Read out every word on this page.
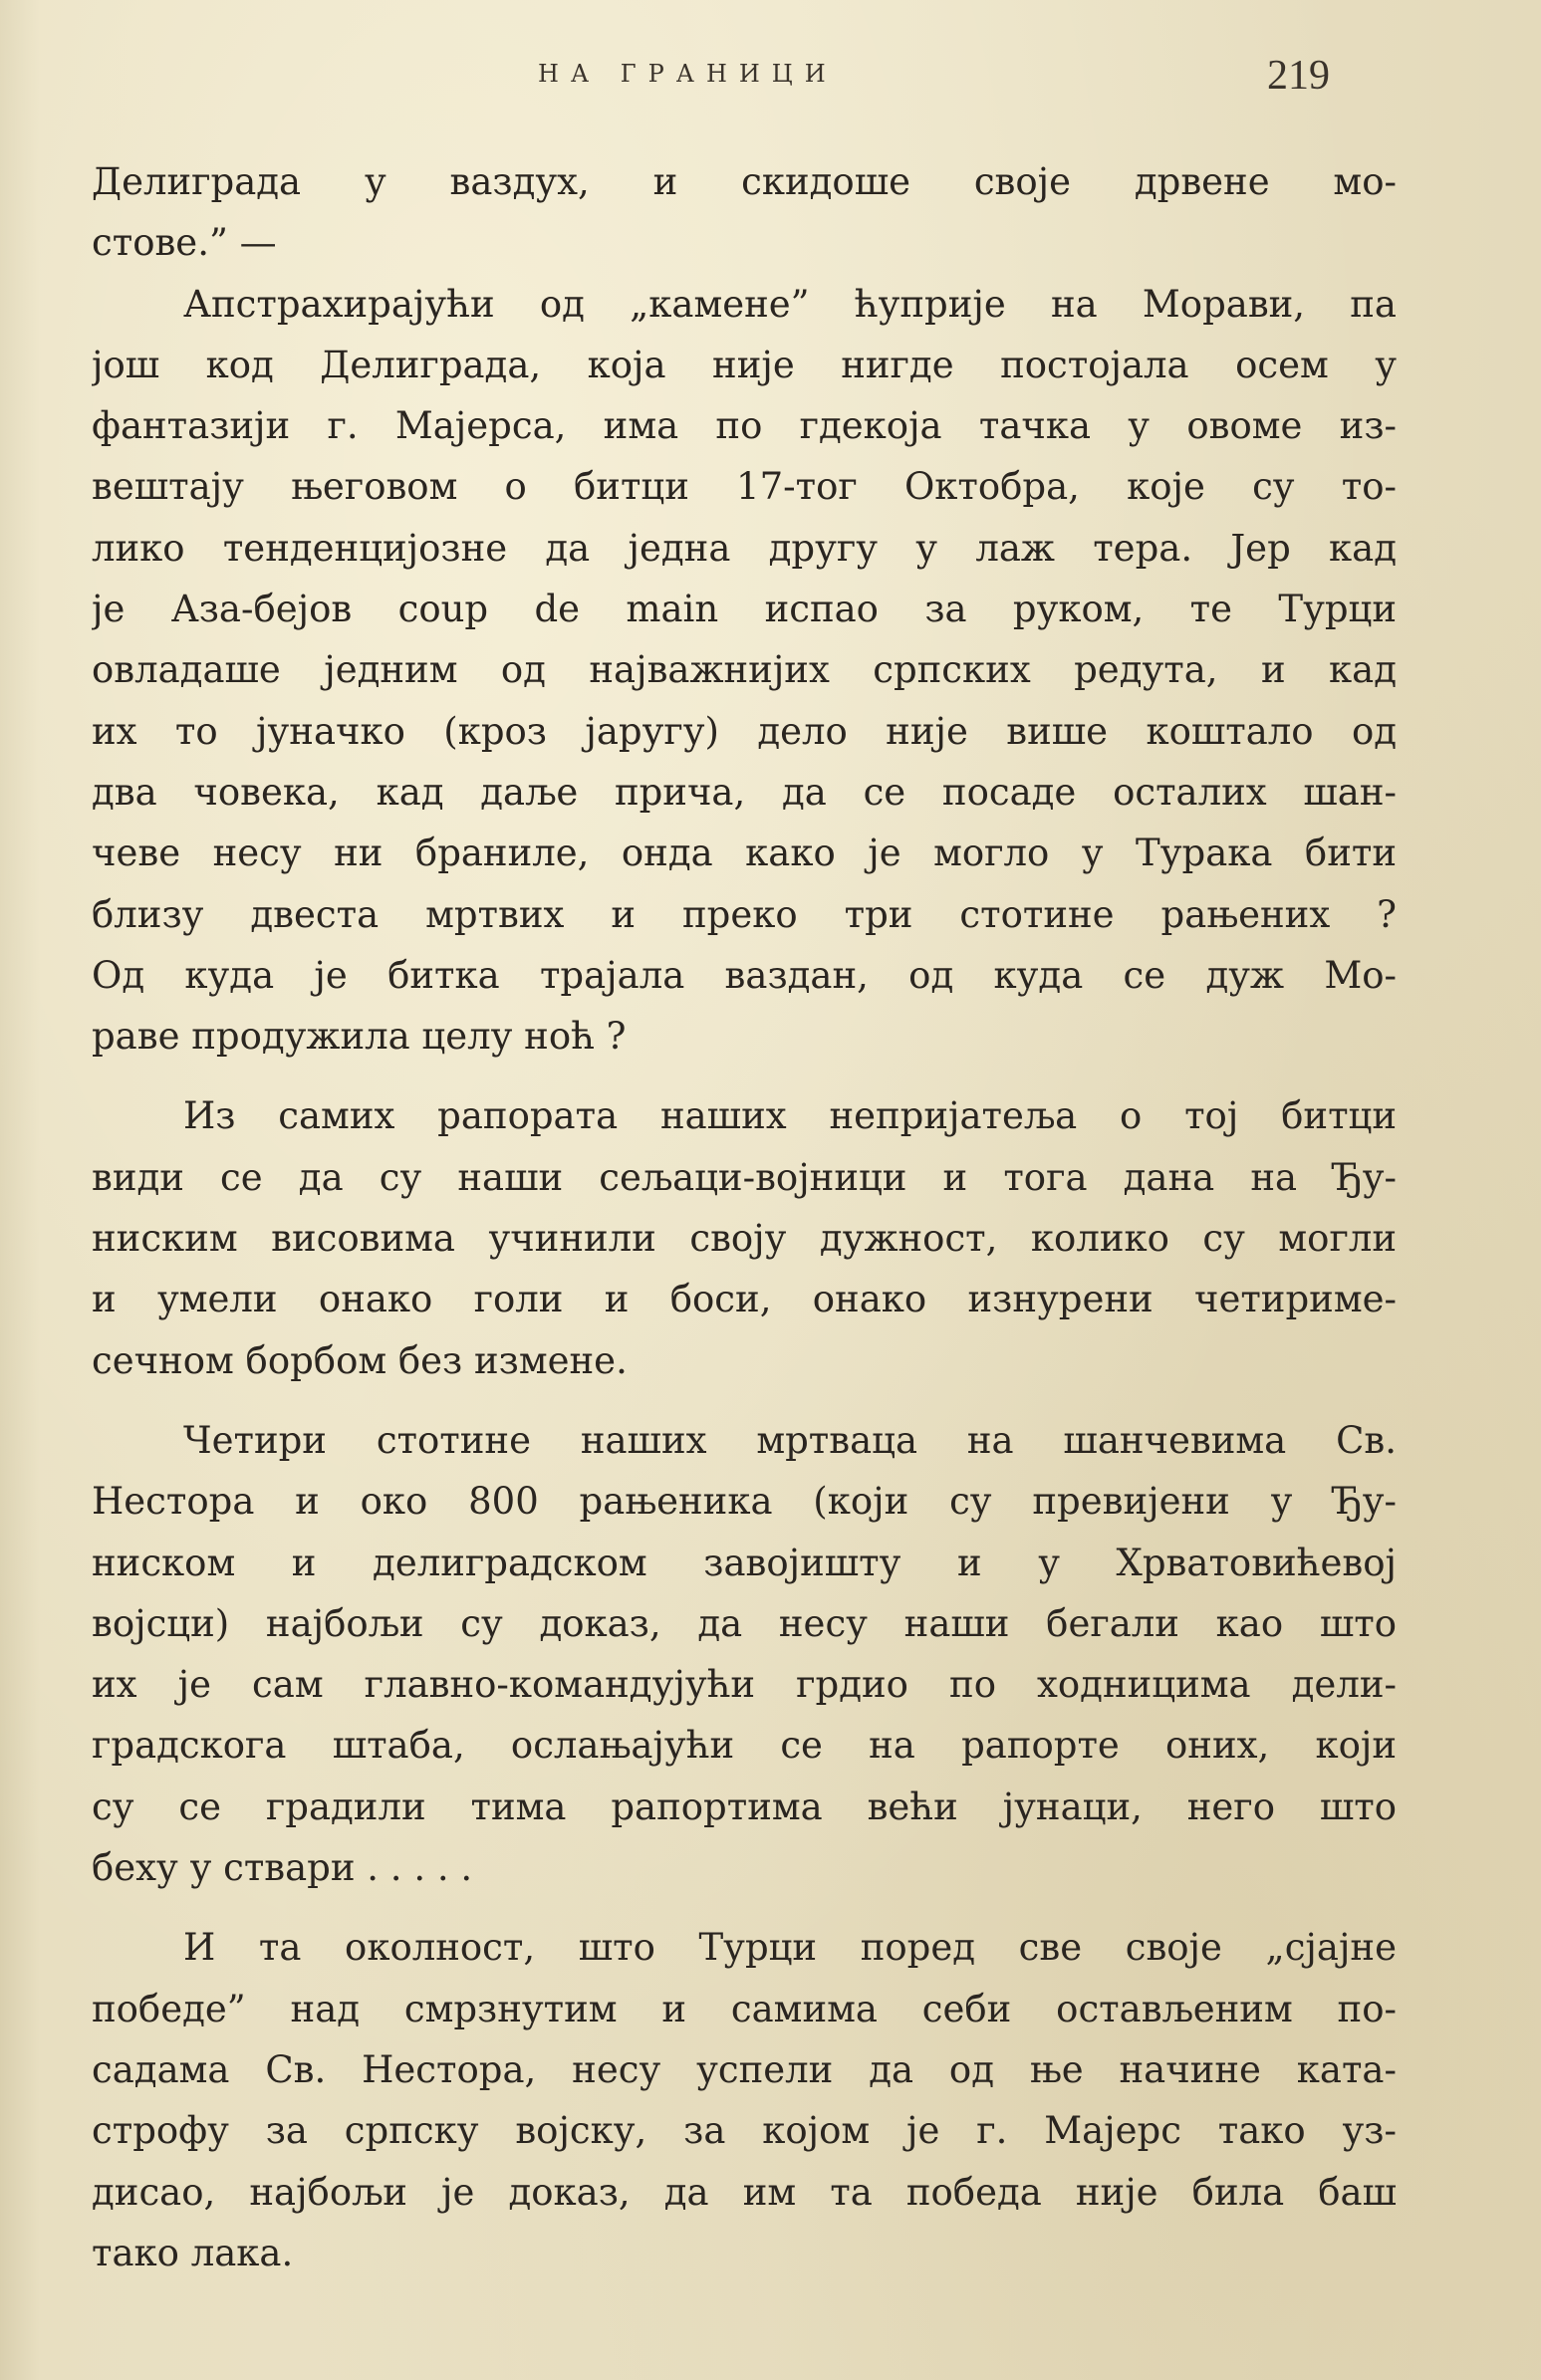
НА ГРАНИЦИ	219
Делиграда у ваздух, и скидоше своје дрвене мо-
стове.” —
Апстрахирајући од „камене” ћуприје на Морави, па
још код Делиграда, која није нигде постојала осем у
фантазији г. Мајерса, има по гдекоја тачка у овоме из-
вештају његовом о битци 17-тог Октобра, које су то-
лико тенденцијозне да једна другу у лаж тера. Јер кад
је Аза-бејов coup de main испао за руком, те Турци
овладаше једним од најважнијих српских редута, и кад
их то јуначко (кроз јаругу) дело није више коштало од
два човека, кад даље прича, да се посаде осталих шан-
чеве несу ни браниле, онда како је могло у Турака бити
близу двеста мртвих и преко три стотине рањених ?
Од куда је битка трајала ваздан, од куда се дуж Мо-
раве продужила целу ноћ ?
Из самих рапората наших непријатеља о тој битци
види се да су наши сељаци-војници и тога дана на Ђу-
ниским висовима учинили своју дужност, колико су могли
и умели онако голи и боси, онако изнурени четириме-
сечном борбом без измене.
Четири стотине наших мртваца на шанчевима Св.
Нестора и око 800 рањеника (који су превијени у Ђу-
ниском и делиградском завојишту и у Хрватовићевој
војсци) најбољи су доказ, да несу наши бегали као што
их је сам главно-командујући грдио по ходницима дели-
градскога штаба, ослањајући се на рапорте оних, који
су се градили тима рапортима већи јунаци, него што
беху у ствари . . . . .
И та околност, што Турци поред све своје „сјајне
победе” над смрзнутим и самима себи остављеним по-
садама Св. Нестора, несу успели да од ње начине ката-
строфу за српску војску, за којом је г. Мајерс тако уз-
дисао, најбољи је доказ, да им та победа није била баш
тако лака.
